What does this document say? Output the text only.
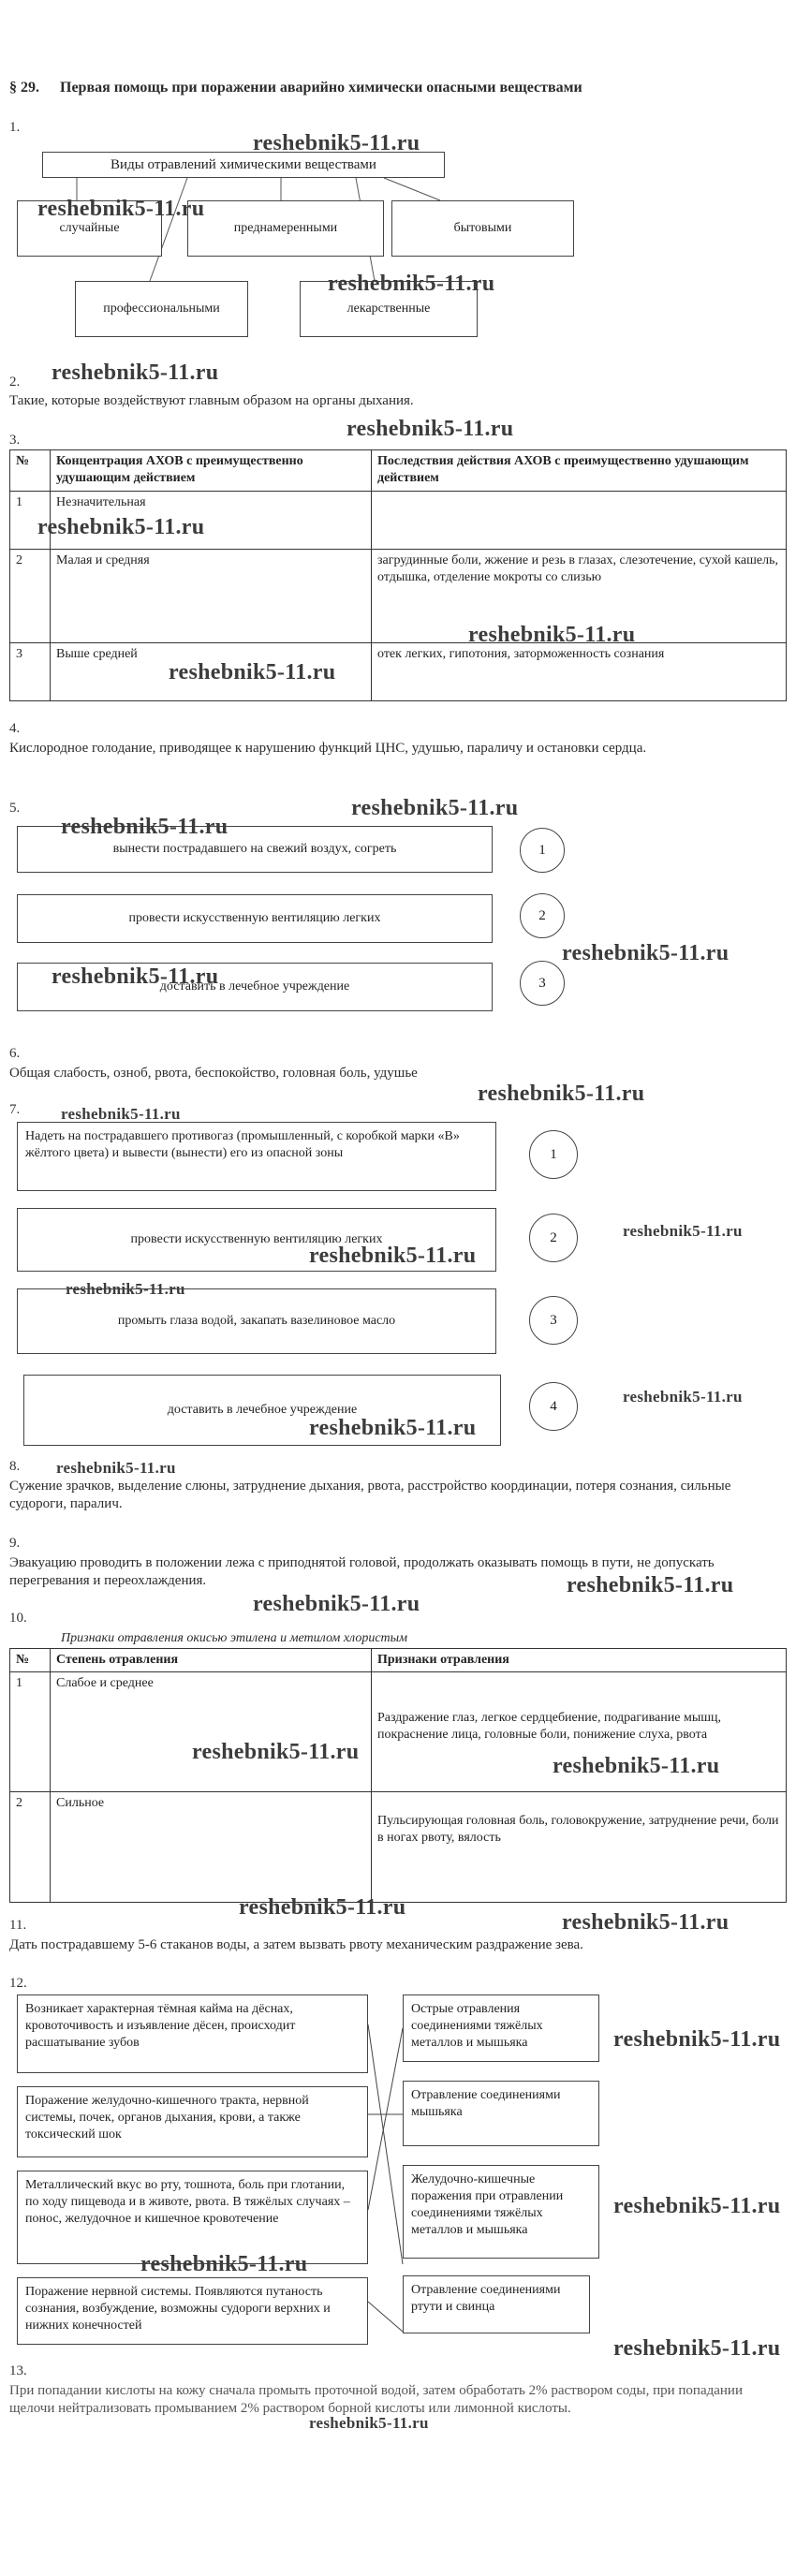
§ 29. Первая помощь при поражении аварийно химически опасными веществами
1.
Виды отравлений химическими веществами
случайные	преднамеренными	бытовыми
профессиональными	лекарственные
2.
Такие, которые воздействуют главным образом на органы дыхания.
3.
№	Концентрация АХОВ с преимущественно удушающим действием	Последствия действия АХОВ с преимущественно удушающим действием
1	Незначительная	
2	Малая и средняя	загрудинные боли, жжение и резь в глазах, слезотечение, сухой кашель, отдышка, отделение мокроты со слизью
3	Выше средней	отек легких, гипотония, заторможенность сознания
4.
Кислородное голодание, приводящее к нарушению функций ЦНС, удушью, параличу и остановки сердца.
5.
вынести пострадавшего на свежий воздух, согреть
провести искусственную вентиляцию легких
доставить в лечебное учреждение
1
2
3
6.
Общая слабость, озноб, рвота, беспокойство, головная боль, удушье
7.
Надеть на пострадавшего противогаз (промышленный, с коробкой марки «В» жёлтого цвета) и вывести (вынести) его из опасной зоны
провести искусственную вентиляцию легких
промыть глаза водой, закапать вазелиновое масло
доставить в лечебное учреждение
1
2
3
4
8.
Сужение зрачков, выделение слюны, затруднение дыхания, рвота, расстройство координации, потеря сознания, сильные судороги, паралич.
9.
Эвакуацию проводить в положении лежа с приподнятой головой, продолжать оказывать помощь в пути, не допускать перегревания и переохлаждения.
10.
Признаки отравления окисью этилена и метилом хлористым
№	Степень отравления	Признаки отравления
1	Слабое и среднее	Раздражение глаз, легкое сердцебиение, подрагивание мышц, покраснение лица, головные боли, понижение слуха, рвота
2	Сильное	Пульсирующая головная боль, головокружение, затруднение речи, боли в ногах рвоту, вялость
11.
Дать пострадавшему 5-6 стаканов воды, а затем вызвать рвоту механическим раздражение зева.
12.
Возникает характерная тёмная кайма на дёснах, кровоточивость и изъявление дёсен, происходит расшатывание зубов
Поражение желудочно-кишечного тракта, нервной системы, почек, органов дыхания, крови, а также токсический шок
Металлический вкус во рту, тошнота, боль при глотании, по ходу пищевода и в животе, рвота. В тяжёлых случаях – понос, желудочное и кишечное кровотечение
Поражение нервной системы. Появляются путаность сознания, возбуждение, возможны судороги верхних и нижних конечностей
Острые отравления соединениями тяжёлых металлов и мышьяка
Отравление соединениями мышьяка
Желудочно-кишечные поражения при отравлении соединениями тяжёлых металлов и мышьяка
Отравление соединениями ртути и свинца
13.
При попадании кислоты на кожу сначала промыть проточной водой, затем обработать 2% раствором соды, при попадании щелочи нейтрализовать промыванием 2% раствором борной кислоты или лимонной кислоты.
reshebnik5-11.ru
reshebnik5-11.ru
reshebnik5-11.ru
reshebnik5-11.ru
reshebnik5-11.ru
reshebnik5-11.ru
reshebnik5-11.ru
reshebnik5-11.ru
reshebnik5-11.ru
reshebnik5-11.ru
reshebnik5-11.ru
reshebnik5-11.ru
reshebnik5-11.ru
reshebnik5-11.ru
reshebnik5-11.ru
reshebnik5-11.ru
reshebnik5-11.ru
reshebnik5-11.ru
reshebnik5-11.ru
reshebnik5-11.ru
reshebnik5-11.ru
reshebnik5-11.ru
reshebnik5-11.ru
reshebnik5-11.ru
reshebnik5-11.ru
reshebnik5-11.ru
reshebnik5-11.ru
reshebnik5-11.ru
reshebnik5-11.ru
reshebnik5-11.ru
reshebnik5-11.ru
